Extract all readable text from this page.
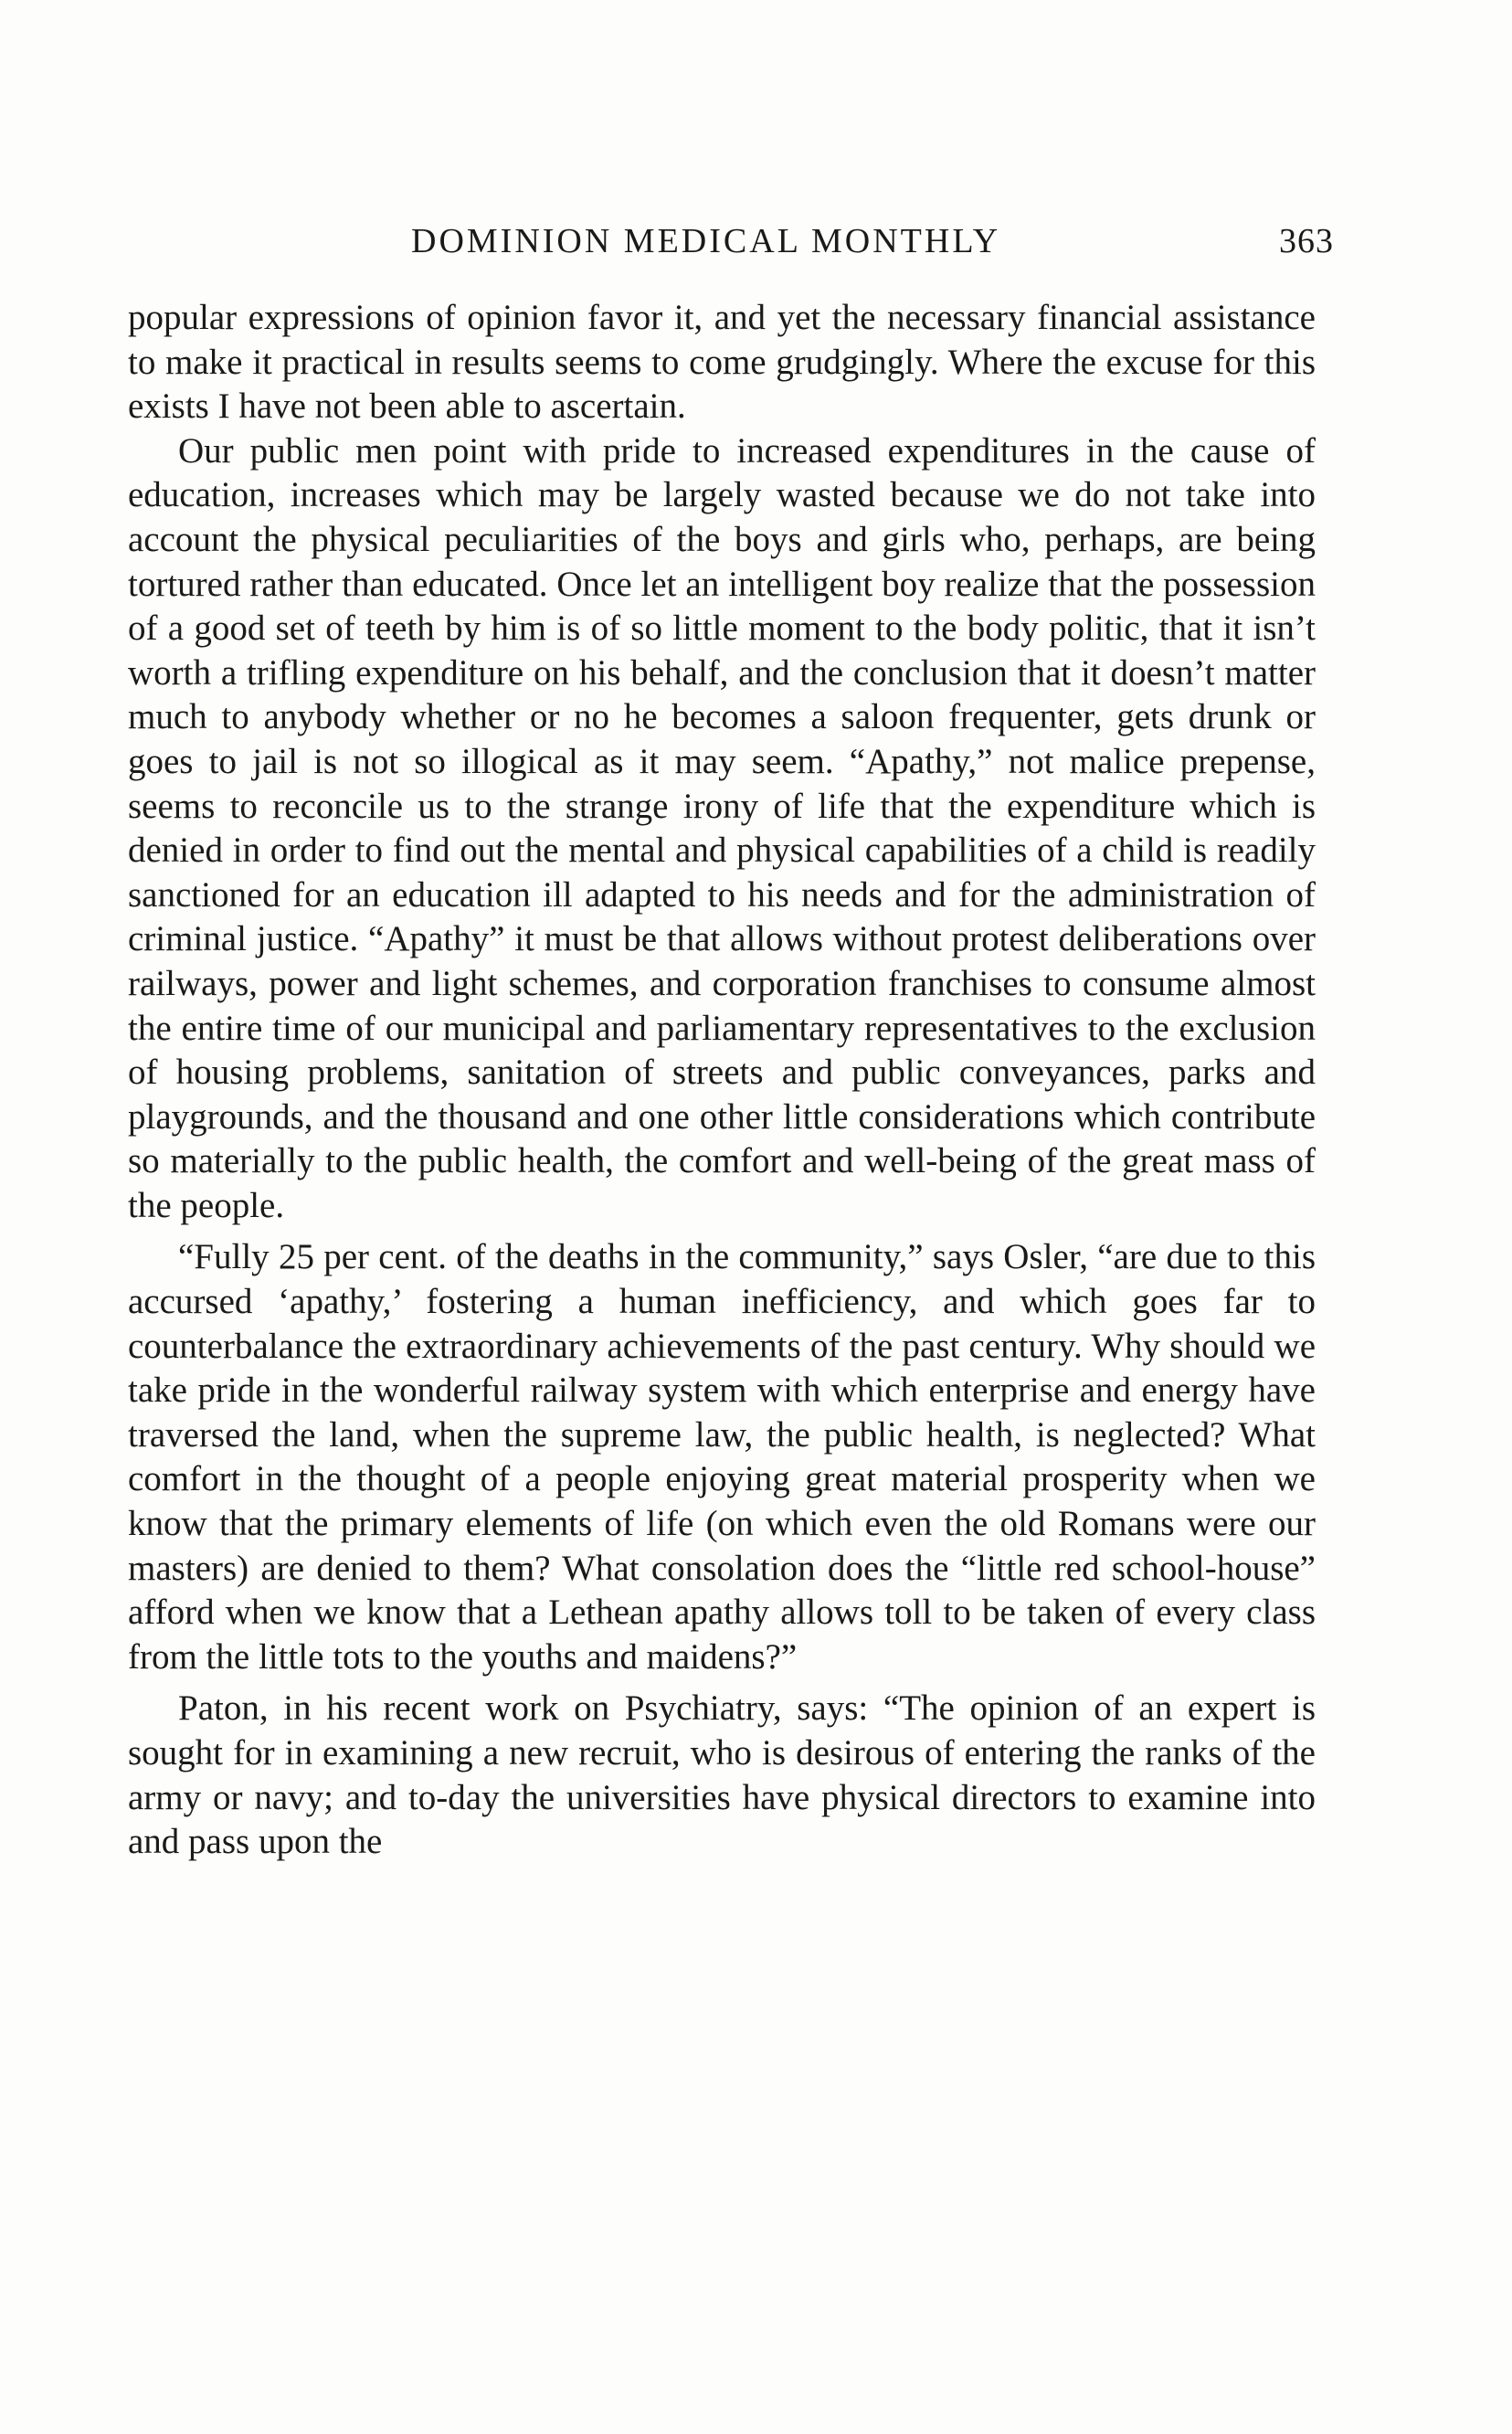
DOMINION MEDICAL MONTHLY	363

popular expressions of opinion favor it, and yet the necessary financial assistance to make it practical in results seems to come grudgingly. Where the excuse for this exists I have not been able to ascertain.

Our public men point with pride to increased expenditures in the cause of education, increases which may be largely wasted because we do not take into account the physical peculiarities of the boys and girls who, perhaps, are being tortured rather than educated. Once let an intelligent boy realize that the possession of a good set of teeth by him is of so little moment to the body politic, that it isn’t worth a trifling expenditure on his behalf, and the conclusion that it doesn’t matter much to anybody whether or no he becomes a saloon frequenter, gets drunk or goes to jail is not so illogical as it may seem. “Apathy,” not malice prepense, seems to reconcile us to the strange irony of life that the expenditure which is denied in order to find out the mental and physical capabilities of a child is readily sanctioned for an education ill adapted to his needs and for the administration of criminal justice. “Apathy” it must be that allows without protest deliberations over railways, power and light schemes, and corporation franchises to consume almost the entire time of our municipal and parliamentary representatives to the exclusion of housing problems, sanitation of streets and public conveyances, parks and playgrounds, and the thousand and one other little considerations which contribute so materially to the public health, the comfort and well-being of the great mass of the people.

“Fully 25 per cent. of the deaths in the community,” says Osler, “are due to this accursed ‘apathy,’ fostering a human inefficiency, and which goes far to counterbalance the extraordinary achievements of the past century. Why should we take pride in the wonderful railway system with which enterprise and energy have traversed the land, when the supreme law, the public health, is neglected? What comfort in the thought of a people enjoying great material prosperity when we know that the primary elements of life (on which even the old Romans were our masters) are denied to them? What consolation does the “little red school-house” afford when we know that a Lethean apathy allows toll to be taken of every class from the little tots to the youths and maidens?”

Paton, in his recent work on Psychiatry, says: “The opinion of an expert is sought for in examining a new recruit, who is desirous of entering the ranks of the army or navy; and to-day the universities have physical directors to examine into and pass upon the
